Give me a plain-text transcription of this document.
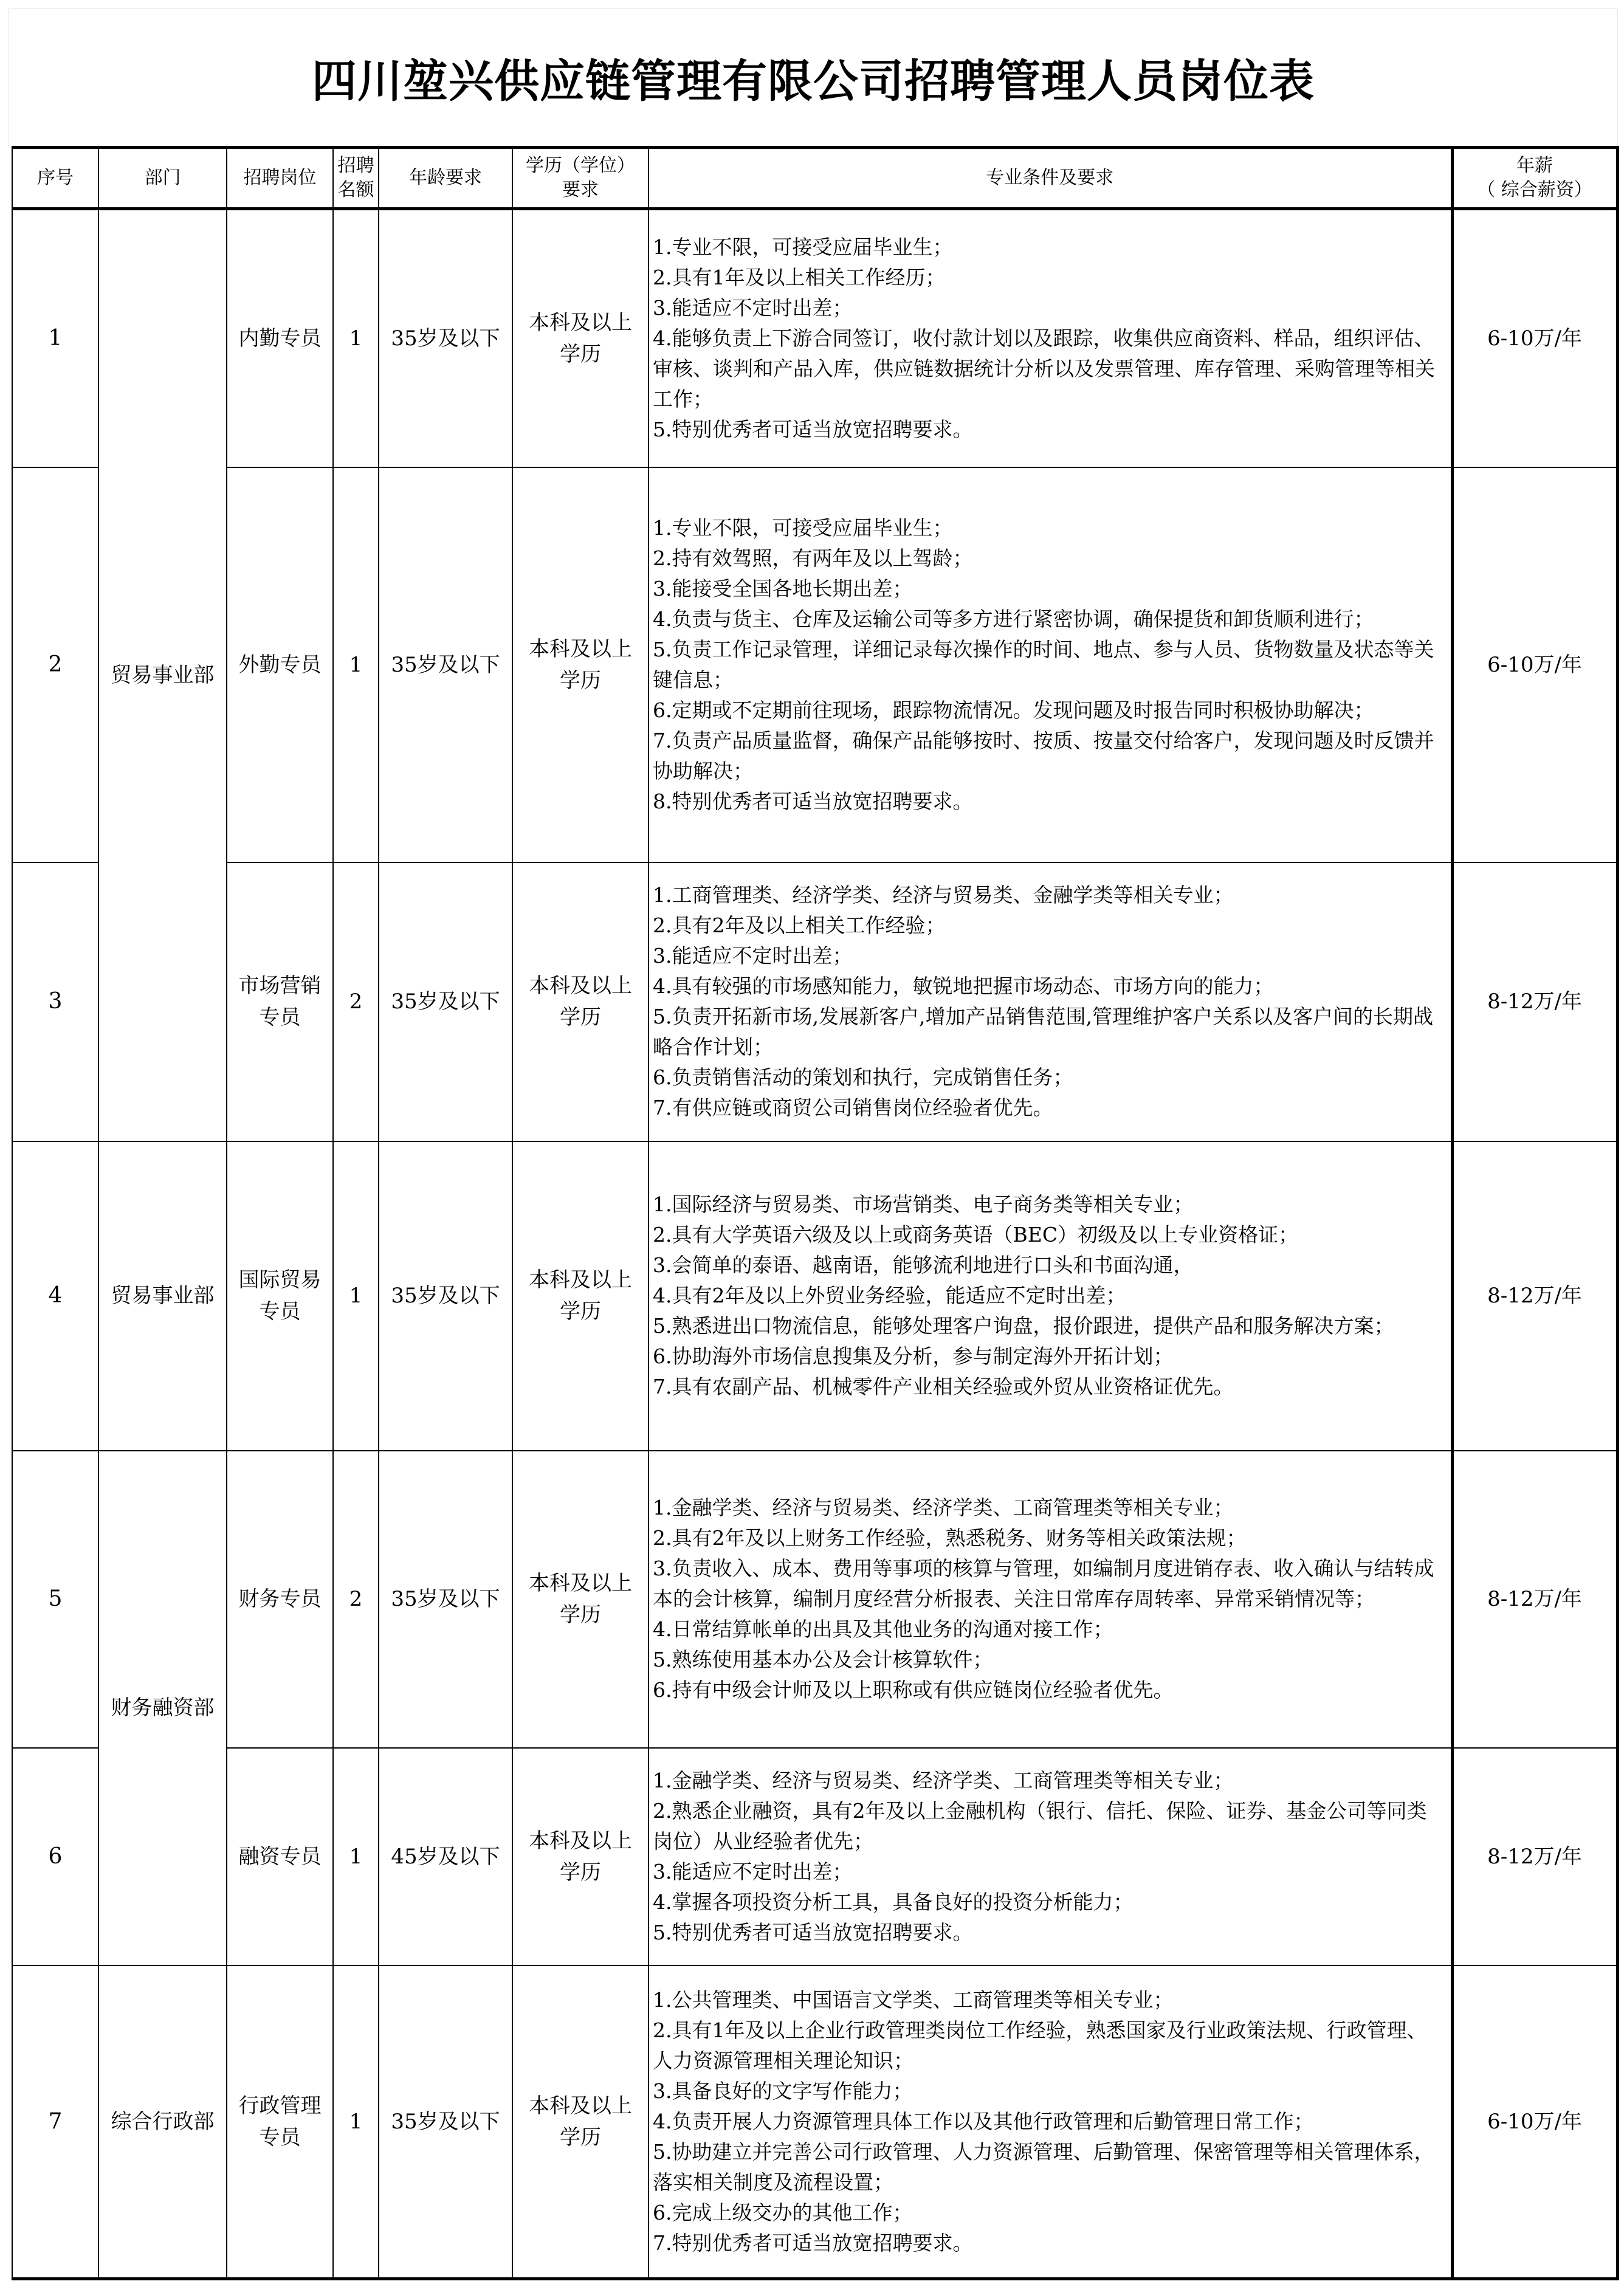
四川堃兴供应链管理有限公司招聘管理人员岗位表
序号	部门	招聘岗位	招聘名额	年龄要求	学历（学位）要求	专业条件及要求	年薪
（ 综合薪资）
1	贸易事业部	内勤专员	1	35岁及以下	本科及以上学历	1.专业不限，可接受应届毕业生；
2.具有1年及以上相关工作经历；
3.能适应不定时出差；
4.能够负责上下游合同签订，收付款计划以及跟踪，收集供应商资料、样品，组织评估、审核、谈判和产品入库，供应链数据统计分析以及发票管理、库存管理、采购管理等相关工作；
5.特别优秀者可适当放宽招聘要求。	6-10万/年
2	外勤专员	1	35岁及以下	本科及以上学历	
1.专业不限，可接受应届毕业生；
2.持有效驾照，有两年及以上驾龄；
3.能接受全国各地长期出差；
4.负责与货主、仓库及运输公司等多方进行紧密协调，确保提货和卸货顺利进行；
5.负责工作记录管理，详细记录每次操作的时间、地点、参与人员、货物数量及状态等关键信息；
6.定期或不定期前往现场，跟踪物流情况。发现问题及时报告同时积极协助解决；
7.负责产品质量监督，确保产品能够按时、按质、按量交付给客户，发现问题及时反馈并协助解决；
8.特别优秀者可适当放宽招聘要求。
	6-10万/年
3	市场营销专员	2	35岁及以下	本科及以上学历	
1.工商管理类、经济学类、经济与贸易类、金融学类等相关专业；
2.具有2年及以上相关工作经验；
3.能适应不定时出差；
4.具有较强的市场感知能力，敏锐地把握市场动态、市场方向的能力；
5.负责开拓新市场,发展新客户,增加产品销售范围,管理维护客户关系以及客户间的长期战略合作计划；
6.负责销售活动的策划和执行，完成销售任务；
7.有供应链或商贸公司销售岗位经验者优先。
	8-12万/年
4	贸易事业部	国际贸易专员	1	35岁及以下	本科及以上学历	
1.国际经济与贸易类、市场营销类、电子商务类等相关专业；
2.具有大学英语六级及以上或商务英语（BEC）初级及以上专业资格证；
3.会简单的泰语、越南语，能够流利地进行口头和书面沟通，
4.具有2年及以上外贸业务经验，能适应不定时出差；
5.熟悉进出口物流信息，能够处理客户询盘，报价跟进，提供产品和服务解决方案；
6.协助海外市场信息搜集及分析，参与制定海外开拓计划；
7.具有农副产品、机械零件产业相关经验或外贸从业资格证优先。
	8-12万/年
5	财务融资部	财务专员	2	35岁及以下	本科及以上学历	
1.金融学类、经济与贸易类、经济学类、工商管理类等相关专业；
2.具有2年及以上财务工作经验，熟悉税务、财务等相关政策法规；
3.负责收入、成本、费用等事项的核算与管理，如编制月度进销存表、收入确认与结转成本的会计核算，编制月度经营分析报表、关注日常库存周转率、异常采销情况等；
4.日常结算帐单的出具及其他业务的沟通对接工作；
5.熟练使用基本办公及会计核算软件；
6.持有中级会计师及以上职称或有供应链岗位经验者优先。
	8-12万/年
6		融资专员	1	45岁及以下	本科及以上学历	1.金融学类、经济与贸易类、经济学类、工商管理类等相关专业；
2.熟悉企业融资，具有2年及以上金融机构（银行、信托、保险、证券、基金公司等同类岗位）从业经验者优先；
3.能适应不定时出差；
4.掌握各项投资分析工具，具备良好的投资分析能力；
5.特别优秀者可适当放宽招聘要求。	8-12万/年
7	综合行政部	行政管理专员	1	35岁及以下	本科及以上学历	
1.公共管理类、中国语言文学类、工商管理类等相关专业；
2.具有1年及以上企业行政管理类岗位工作经验，熟悉国家及行业政策法规、行政管理、人力资源管理相关理论知识；
3.具备良好的文字写作能力；
4.负责开展人力资源管理具体工作以及其他行政管理和后勤管理日常工作；
5.协助建立并完善公司行政管理、人力资源管理、后勤管理、保密管理等相关管理体系，落实相关制度及流程设置；
6.完成上级交办的其他工作；
7.特别优秀者可适当放宽招聘要求。
	6-10万/年
